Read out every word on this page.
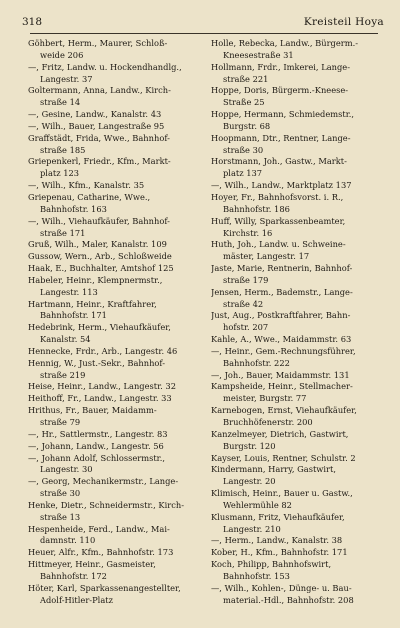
318	Kreisteil Hoya
Göhbert, Herm., Maurer, Schloß-
weide 206
—, Fritz, Landw. u. Hockendhandlg.,
Langestr. 37
Goltermann, Anna, Landw., Kirch-
straße 14
—, Gesine, Landw., Kanalstr. 43
—, Wilh., Bauer, Langestraße 95
Graffstädt, Frida, Wwe., Bahnhof-
straße 185
Griepenkerl, Friedr., Kfm., Markt-
platz 123
—, Wilh., Kfm., Kanalstr. 35
Griepenau, Catharine, Wwe.,
Bahnhofstr. 163
—, Wilh., Viehaufkäufer, Bahnhof-
straße 171
Gruß, Wilh., Maler, Kanalstr. 109
Gussow, Wern., Arb., Schloßweide
Haak, E., Buchhalter, Amtshof 125
Habeler, Heinr., Klempnermstr.,
Langestr. 113
Hartmann, Heinr., Kraftfahrer,
Bahnhofstr. 171
Hedebrink, Herm., Viehaufkäufer,
Kanalstr. 54
Hennecke, Frdr., Arb., Langestr. 46
Hennig, W., Just.-Sekr., Bahnhof-
straße 219
Heise, Heinr., Landw., Langestr. 32
Heithoff, Fr., Landw., Langestr. 33
Hrithus, Fr., Bauer, Maidamm-
straße 79
—, Hr., Sattlermstr., Langestr. 83
—, Johann, Landw., Langestr. 56
—, Johann Adolf, Schlossermstr.,
Langestr. 30
—, Georg, Mechanikermstr., Lange-
straße 30
Henke, Dietr., Schneidermstr., Kirch-
straße 13
Hespenheide, Ferd., Landw., Mai-
damnstr. 110
Heuer, Alfr., Kfm., Bahnhofstr. 173
Hittmeyer, Heinr., Gasmeister,
Bahnhofstr. 172
Höter, Karl, Sparkassenangestellter,
Adolf-Hitler-Platz
Holle, Rebecka, Landw., Bürgerm.-
Kneesestraße 31
Hollmann, Frdr., Imkerei, Lange-
straße 221
Hoppe, Doris, Bürgerm.-Kneese-
Straße 25
Hoppe, Hermann, Schmiedemstr.,
Burgstr. 68
Hoopmann, Dtr., Rentner, Lange-
straße 30
Horstmann, Joh., Gastw., Markt-
platz 137
—, Wilh., Landw., Marktplatz 137
Hoyer, Fr., Bahnhofsvorst. i. R.,
Bahnhofstr. 186
Huff, Willy, Sparkassenbeamter,
Kirchstr. 16
Huth, Joh., Landw. u. Schweine-
mäster, Langestr. 17
Jaste, Marie, Rentnerin, Bahnhof-
straße 179
Jensen, Herm., Bademstr., Lange-
straße 42
Just, Aug., Postkraftfahrer, Bahn-
hofstr. 207
Kahle, A., Wwe., Maidammstr. 63
—, Heinr., Gem.-Rechnungsführer,
Bahnhofstr. 222
—, Joh., Bauer, Maidammstr. 131
Kampsheide, Heinr., Stellmacher-
meister, Burgstr. 77
Karnebogen, Ernst, Viehaufkäufer,
Bruchhöfenerstr. 200
Kanzelmeyer, Dietrich, Gastwirt,
Burgstr. 120
Kayser, Louis, Rentner, Schulstr. 2
Kindermann, Harry, Gastwirt,
Langestr. 20
Klimisch, Heinr., Bauer u. Gastw.,
Wehlermühle 82
Klusmann, Fritz, Viehaufkäufer,
Langestr. 210
—, Herm., Landw., Kanalstr. 38
Kober, H., Kfm., Bahnhofstr. 171
Koch, Philipp, Bahnhofswirt,
Bahnhofstr. 153
—, Wilh., Kohlen-, Dünge- u. Bau-
material.-Hdl., Bahnhofstr. 208
